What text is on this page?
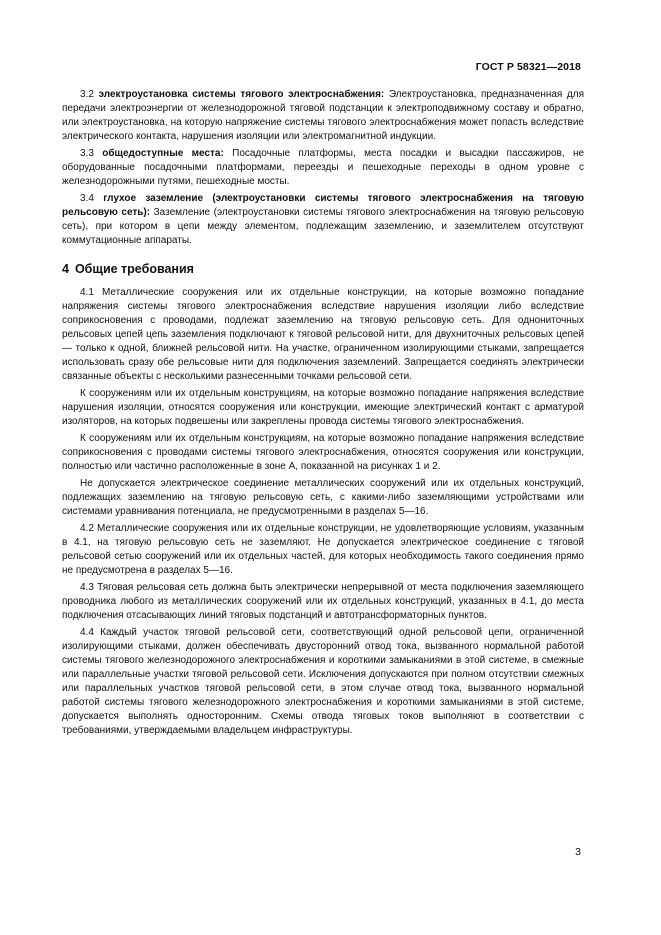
ГОСТ Р 58321—2018

3.2 электроустановка системы тягового электроснабжения: Электроустановка, предназначенная для передачи электроэнергии от железнодорожной тяговой подстанции к электроподвижному составу и обратно, или электроустановка, на которую напряжение системы тягового электроснабжения может попасть вследствие электрического контакта, нарушения изоляции или электромагнитной индукции.

3.3 общедоступные места: Посадочные платформы, места посадки и высадки пассажиров, не оборудованные посадочными платформами, переезды и пешеходные переходы в одном уровне с железнодорожными путями, пешеходные мосты.

3.4 глухое заземление (электроустановки системы тягового электроснабжения на тяговую рельсовую сеть): Заземление (электроустановки системы тягового электроснабжения на тяговую рельсовую сеть), при котором в цепи между элементом, подлежащим заземлению, и заземлителем отсутствуют коммутационные аппараты.

4 Общие требования

4.1 Металлические сооружения или их отдельные конструкции, на которые возможно попадание напряжения системы тягового электроснабжения вследствие нарушения изоляции либо вследствие соприкосновения с проводами, подлежат заземлению на тяговую рельсовую сеть. Для однониточных рельсовых цепей цепь заземления подключают к тяговой рельсовой нити, для двухниточных рельсовых цепей — только к одной, ближней рельсовой нити. На участке, ограниченном изолирующими стыками, запрещается использовать сразу обе рельсовые нити для подключения заземлений. Запрещается соединять электрически связанные объекты с несколькими разнесенными точками рельсовой сети.

К сооружениям или их отдельным конструкциям, на которые возможно попадание напряжения вследствие нарушения изоляции, относятся сооружения или конструкции, имеющие электрический контакт с арматурой изоляторов, на которых подвешены или закреплены провода системы тягового электроснабжения.

К сооружениям или их отдельным конструкциям, на которые возможно попадание напряжения вследствие соприкосновения с проводами системы тягового электроснабжения, относятся сооружения или конструкции, полностью или частично расположенные в зоне А, показанной на рисунках 1 и 2.

Не допускается электрическое соединение металлических сооружений или их отдельных конструкций, подлежащих заземлению на тяговую рельсовую сеть, с какими-либо заземляющими устройствами или системами уравнивания потенциала, не предусмотренными в разделах 5—16.

4.2 Металлические сооружения или их отдельные конструкции, не удовлетворяющие условиям, указанным в 4.1, на тяговую рельсовую сеть не заземляют. Не допускается электрическое соединение с тяговой рельсовой сетью сооружений или их отдельных частей, для которых необходимость такого соединения прямо не предусмотрена в разделах 5—16.

4.3 Тяговая рельсовая сеть должна быть электрически непрерывной от места подключения заземляющего проводника любого из металлических сооружений или их отдельных конструкций, указанных в 4.1, до места подключения отсасывающих линий тяговых подстанций и автотрансформаторных пунктов.

4.4 Каждый участок тяговой рельсовой сети, соответствующий одной рельсовой цепи, ограниченной изолирующими стыками, должен обеспечивать двусторонний отвод тока, вызванного нормальной работой системы тягового железнодорожного электроснабжения и короткими замыканиями в этой системе, в смежные или параллельные участки тяговой рельсовой сети. Исключения допускаются при полном отсутствии смежных или параллельных участков тяговой рельсовой сети, в этом случае отвод тока, вызванного нормальной работой системы тягового железнодорожного электроснабжения и короткими замыканиями в этой системе, допускается выполнять односторонним. Схемы отвода тяговых токов выполняют в соответствии с требованиями, утверждаемыми владельцем инфраструктуры.

3
